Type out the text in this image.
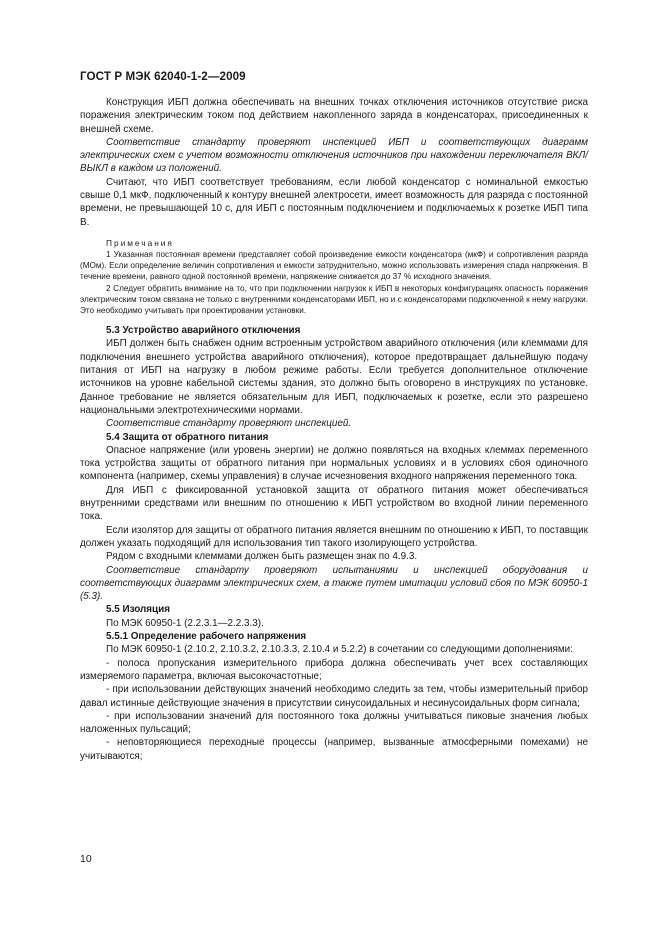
ГОСТ Р МЭК 62040-1-2—2009

Конструкция ИБП должна обеспечивать на внешних точках отключения источников отсутствие риска поражения электрическим током под действием накопленного заряда в конденсаторах, присоединенных к внешней схеме.

Соответствие стандарту проверяют инспекцией ИБП и соответствующих диаграмм электрических схем с учетом возможности отключения источников при нахождении переключателя ВКЛ/ВЫКЛ в каждом из положений.

Считают, что ИБП соответствует требованиям, если любой конденсатор с номинальной емкостью свыше 0,1 мкФ, подключенный к контуру внешней электросети, имеет возможность для разряда с постоянной времени, не превышающей 10 с, для ИБП с постоянным подключением и подключаемых к розетке ИБП типа В.

Примечания

1 Указанная постоянная времени представляет собой произведение емкости конденсатора (мкФ) и сопротивления разряда (МОм). Если определение величин сопротивления и емкости затруднительно, можно использовать измерения спада напряжения. В течение времени, равного одной постоянной времени, напряжение снижается до 37 % исходного значения.

2 Следует обратить внимание на то, что при подключении нагрузок к ИБП в некоторых конфигурациях опасность поражения электрическим током связана не только с внутренними конденсаторами ИБП, но и с конденсаторами подключенной к нему нагрузки. Это необходимо учитывать при проектировании установки.

5.3 Устройство аварийного отключения

ИБП должен быть снабжен одним встроенным устройством аварийного отключения (или клеммами для подключения внешнего устройства аварийного отключения), которое предотвращает дальнейшую подачу питания от ИБП на нагрузку в любом режиме работы. Если требуется дополнительное отключение источников на уровне кабельной системы здания, это должно быть оговорено в инструкциях по установке. Данное требование не является обязательным для ИБП, подключаемых к розетке, если это разрешено национальными электротехническими нормами.

Соответствие стандарту проверяют инспекцией.

5.4 Защита от обратного питания

Опасное напряжение (или уровень энергии) не должно появляться на входных клеммах переменного тока устройства защиты от обратного питания при нормальных условиях и в условиях сбоя одиночного компонента (например, схемы управления) в случае исчезновения входного напряжения переменного тока.

Для ИБП с фиксированной установкой защита от обратного питания может обеспечиваться внутренними средствами или внешним по отношению к ИБП устройством во входной линии переменного тока.

Если изолятор для защиты от обратного питания является внешним по отношению к ИБП, то поставщик должен указать подходящий для использования тип такого изолирующего устройства.

Рядом с входными клеммами должен быть размещен знак по 4.9.3.

Соответствие стандарту проверяют испытаниями и инспекцией оборудования и соответствующих диаграмм электрических схем, а также путем имитации условий сбоя по МЭК 60950-1 (5.3).

5.5 Изоляция

По МЭК 60950-1 (2.2.3.1—2.2.3.3).

5.5.1 Определение рабочего напряжения

По МЭК 60950-1 (2.10.2, 2.10.3.2, 2.10.3.3, 2.10.4 и 5.2.2) в сочетании со следующими дополнениями:

- полоса пропускания измерительного прибора должна обеспечивать учет всех составляющих измеряемого параметра, включая высокочастотные;

- при использовании действующих значений необходимо следить за тем, чтобы измерительный прибор давал истинные действующие значения в присутствии синусоидальных и несинусоидальных форм сигнала;

- при использовании значений для постоянного тока должны учитываться пиковые значения любых наложенных пульсаций;

- неповторяющиеся переходные процессы (например, вызванные атмосферными помехами) не учитываются;

10
